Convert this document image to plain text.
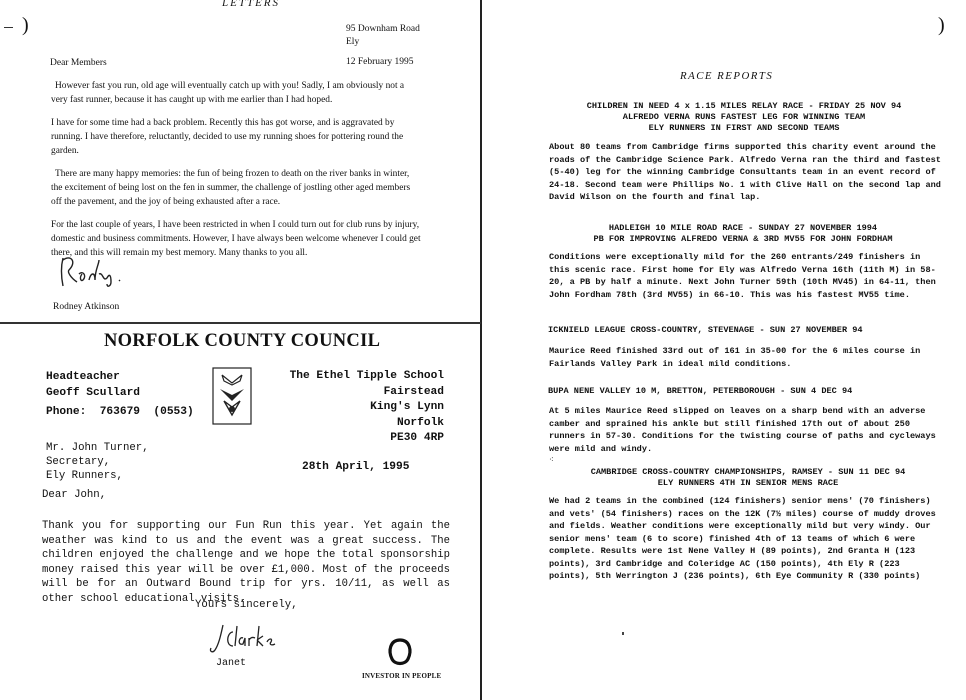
)	)
LETTERS
95 Downham Road
Ely
12 February 1995
Dear Members

However fast you run, old age will eventually catch up with you! Sadly, I am obviously not a very fast runner, because it has caught up with me earlier than I had hoped.

I have for some time had a back problem. Recently this has got worse, and is aggravated by running. I have therefore, reluctantly, decided to use my running shoes for pottering round the garden.

There are many happy memories: the fun of being frozen to death on the river banks in winter, the excitement of being lost on the fen in summer, the challenge of jostling other aged members off the pavement, and the joy of being exhausted after a race.

For the last couple of years, I have been restricted in when I could turn out for club runs by injury, domestic and business commitments. However, I have always been welcome whenever I could get there, and this will remain my best memory. Many thanks to you all.

Rodney Atkinson
NORFOLK COUNTY COUNCIL
Headteacher
Geoff Scullard
Phone:  763679  (0553)
The Ethel Tipple School
Fairstead
King's Lynn
Norfolk
PE30 4RP
Mr. John Turner,
Secretary,
Ely Runners,
28th April, 1995
Dear John,

Thank you for supporting our Fun Run this year. Yet again the weather was kind to us and the event was a great success. The children enjoyed the challenge and we hope the total sponsorship money raised this year will be over £1,000. Most of the proceeds will be for an Outward Bound trip for yrs. 10/11, as well as other school educational visits.

Yours sincerely,
Janet
INVESTOR IN PEOPLE
RACE REPORTS
CHILDREN IN NEED 4 x 1.15 MILES RELAY RACE - FRIDAY 25 NOV 94
ALFREDO VERNA RUNS FASTEST LEG FOR WINNING TEAM
ELY RUNNERS IN FIRST AND SECOND TEAMS

About 80 teams from Cambridge firms supported this charity event around the roads of the Cambridge Science Park. Alfredo Verna ran the third and fastest (5-40) leg for the winning Cambridge Consultants team in an event record of 24-18. Second team were Phillips No. 1 with Clive Hall on the second lap and David Wilson on the fourth and final lap.

HADLEIGH 10 MILE ROAD RACE - SUNDAY 27 NOVEMBER 1994
PB FOR IMPROVING ALFREDO VERNA & 3RD MV55 FOR JOHN FORDHAM

Conditions were exceptionally mild for the 260 entrants/249 finishers in this scenic race. First home for Ely was Alfredo Verna 16th (11th M) in 58-20, a PB by half a minute. Next John Turner 59th (10th MV45) in 64-11, then John Fordham 78th (3rd MV55) in 66-10. This was his fastest MV55 time.

ICKNIELD LEAGUE CROSS-COUNTRY, STEVENAGE - SUN 27 NOVEMBER 94

Maurice Reed finished 33rd out of 161 in 35-00 for the 6 miles course in Fairlands Valley Park in ideal mild conditions.

BUPA NENE VALLEY 10 M, BRETTON, PETERBOROUGH - SUN 4 DEC 94

At 5 miles Maurice Reed slipped on leaves on a sharp bend with an adverse camber and sprained his ankle but still finished 17th out of about 250 runners in 57-30. Conditions for the twisting course of paths and cycleways were mild and windy.

⁖
CAMBRIDGE CROSS-COUNTRY CHAMPIONSHIPS, RAMSEY - SUN 11 DEC 94
ELY RUNNERS 4TH IN SENIOR MENS RACE

We had 2 teams in the combined (124 finishers) senior mens' (70 finishers) and vets' (54 finishers) races on the 12K (7½ miles) course of muddy droves and fields. Weather conditions were exceptionally mild but very windy. Our senior mens' team (6 to score) finished 4th of 13 teams of which 6 were complete. Results were 1st Nene Valley H (89 points), 2nd Granta H (123 points), 3rd Cambridge and Coleridge AC (150 points), 4th Ely R (223 points), 5th Werrington J (236 points), 6th Eye Community R (330 points)
